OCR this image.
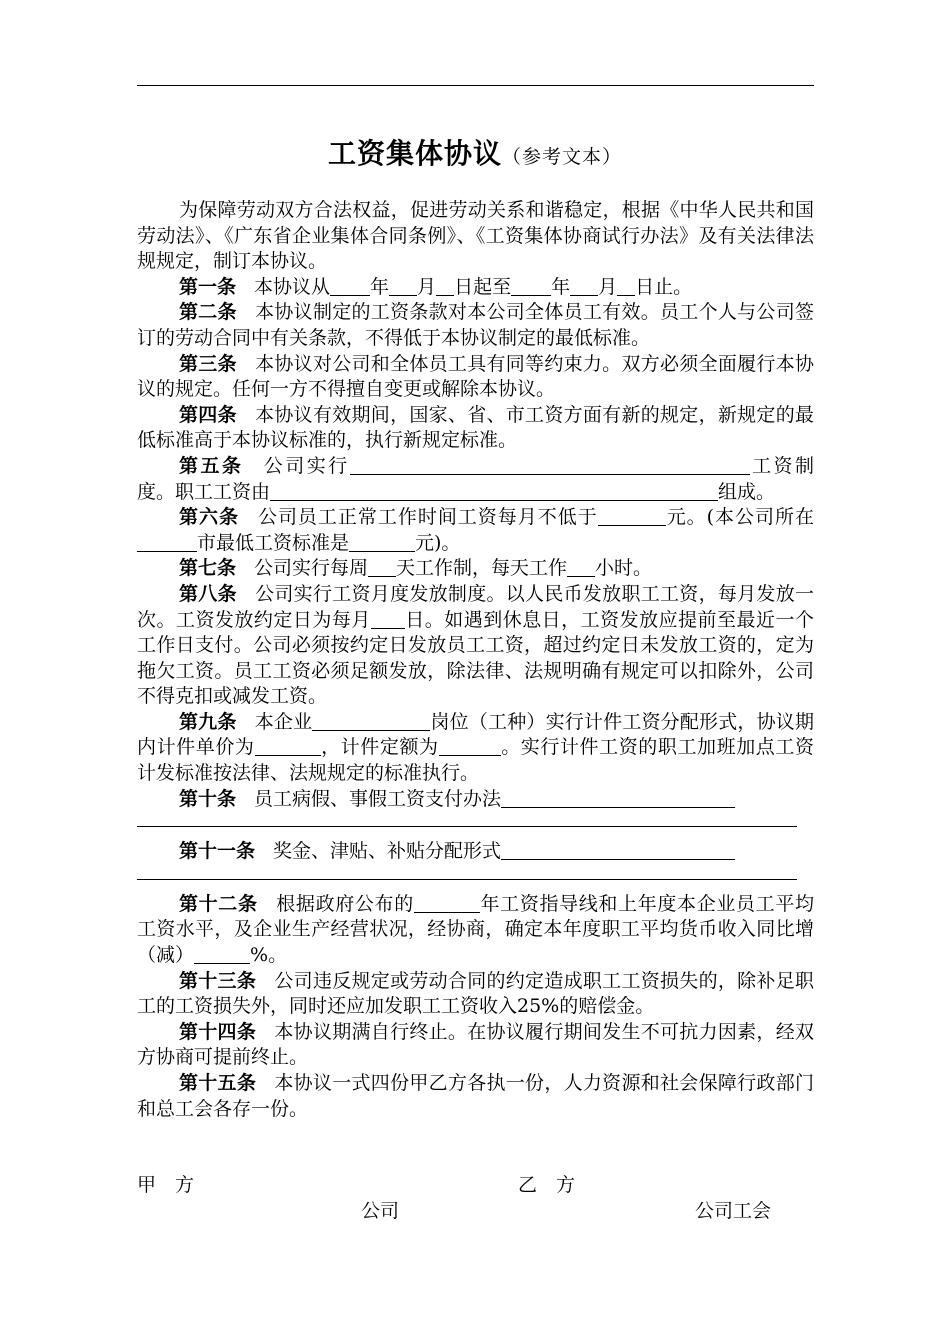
工资集体协议（参考文本）

为保障劳动双方合法权益，促进劳动关系和谐稳定，根据《中华人民共和国劳动法》、《广东省企业集体合同条例》、《工资集体协商试行办法》及有关法律法规规定，制订本协议。

第一条 本协议从 年 月 日起至 年 月 日止。

第二条 本协议制定的工资条款对本公司全体员工有效。员工个人与公司签订的劳动合同中有关条款，不得低于本协议制定的最低标准。

第三条 本协议对公司和全体员工具有同等约束力。双方必须全面履行本协议的规定。任何一方不得擅自变更或解除本协议。

第四条 本协议有效期间，国家、省、市工资方面有新的规定，新规定的最低标准高于本协议标准的，执行新规定标准。

第五条 公司实行	工资制度。职工工资由	组成。

第六条 公司员工正常工作时间工资每月不低于	元。(本公司所在市最低工资标准是	元)。

第七条 公司实行每周 天工作制，每天工作 小时。

第八条 公司实行工资月度发放制度。以人民币发放职工工资，每月发放一次。工资发放约定日为每月 日。如遇到休息日，工资发放应提前至最近一个工作日支付。公司必须按约定日发放员工工资，超过约定日未发放工资的，定为拖欠工资。员工工资必须足额发放，除法律、法规明确有规定可以扣除外，公司不得克扣或减发工资。

第九条 本企业	岗位（工种）实行计件工资分配形式，协议期内计件单价为	，计件定额为	。实行计件工资的职工加班加点工资计发标准按法律、法规规定的标准执行。

第十条 员工病假、事假工资支付办法

第十一条 奖金、津贴、补贴分配形式

第十二条 根据政府公布的	年工资指导线和上年度本企业员工平均工资水平，及企业生产经营状况，经协商，确定本年度职工平均货币收入同比增（减）	%。

第十三条 公司违反规定或劳动合同的约定造成职工工资损失的，除补足职工的工资损失外，同时还应加发职工工资收入25%的赔偿金。

第十四条 本协议期满自行终止。在协议履行期间发生不可抗力因素，经双方协商可提前终止。

第十五条 本协议一式四份甲乙方各执一份，人力资源和社会保障行政部门和总工会各存一份。

甲　方	乙　方
公司	公司工会
